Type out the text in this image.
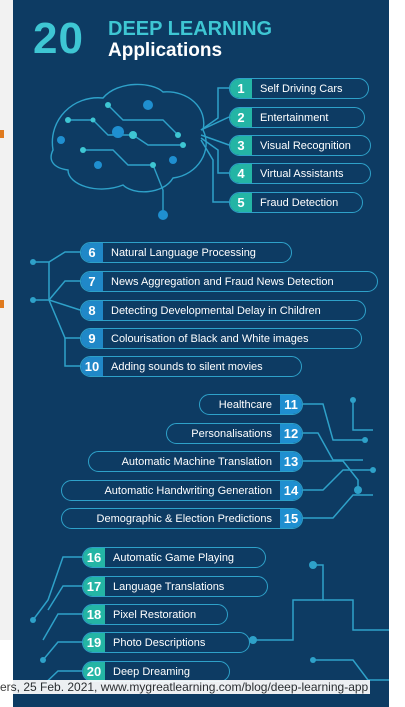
20 DEEP LEARNING
Applications
1	Self Driving Cars
2	Entertainment
3	Visual Recognition
4	Virtual Assistants
5	Fraud Detection
6	Natural Language Processing
7	News Aggregation and Fraud News Detection
8	Detecting Developmental Delay in Children
9	Colourisation of Black and White images
10	Adding sounds to silent movies
11
Healthcare
12
Personalisations
13
Automatic Machine Translation
14
Automatic Handwriting Generation
15
Demographic & Election Predictions
16	Automatic Game Playing
17	Language Translations
18	Pixel Restoration
19	Photo Descriptions
20	Deep Dreaming
ers, 25 Feb. 2021, www.mygreatlearning.com/blog/deep-learning-app
